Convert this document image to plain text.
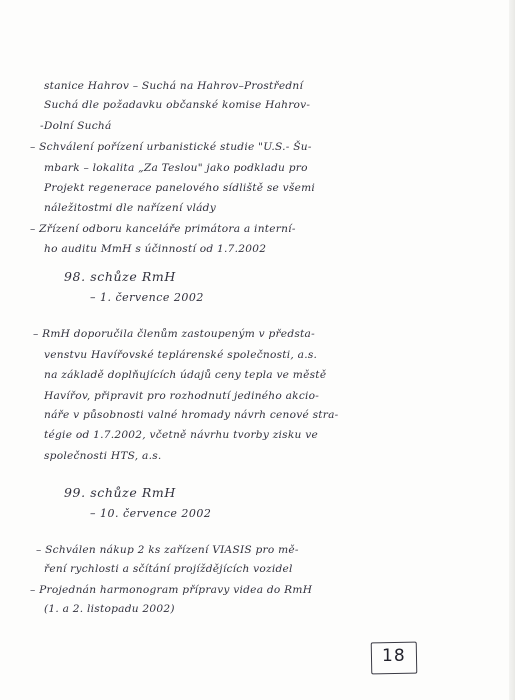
stanice Hahrov – Suchá na Hahrov–Prostřední
Suchá dle požadavku občanské komise Hahrov-
-Dolní Suchá
– Schválení pořízení urbanistické studie "U.S.- Šu-
mbark – lokalita „Za Teslou" jako podkladu pro
Projekt regenerace panelového sídliště se všemi
náležitostmi dle nařízení vlády
– Zřízení odboru kanceláře primátora a interní-
ho auditu MmH s účinností od 1.7.2002
98. schůze RmH
– 1. července 2002
– RmH doporučila členům zastoupeným v předsta-
venstvu Havířovské teplárenské společnosti, a.s.
na základě doplňujících údajů ceny tepla ve městě
Havířov, připravit pro rozhodnutí jediného akcio-
náře v působnosti valné hromady návrh cenové stra-
tégie od 1.7.2002, včetně návrhu tvorby zisku ve
společnosti HTS, a.s.
99. schůze RmH
– 10. července 2002
– Schválen nákup 2 ks zařízení VIASIS pro mě-
ření rychlosti a sčítání projíždějících vozidel
– Projednán harmonogram přípravy videa do RmH
(1. a 2. listopadu 2002)
18
